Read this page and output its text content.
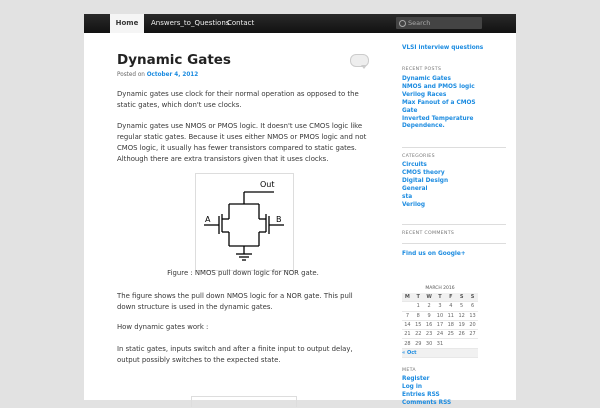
Home	Answers_to_Questions
Contact	Search
Dynamic Gates
Posted on October 4, 2012
Dynamic gates use clock for their normal operation as opposed to the static gates, which don't use clocks.
Dynamic gates use NMOS or PMOS logic. It doesn't use CMOS logic like regular static gates. Because it uses either NMOS or PMOS logic and not CMOS logic, it usually has fewer transistors compared to static gates. Although there are extra transistors given that it uses clocks.
Out
A	B
Figure : NMOS pull down logic for NOR gate.
The figure shows the pull down NMOS logic for a NOR gate. This pull down structure is used in the dynamic gates.
How dynamic gates work :
In static gates, inputs switch and after a finite input to output delay, output possibly switches to the expected state.
VLSI interview questions
RECENT POSTS
Dynamic Gates
NMOS and PMOS logic
Verilog Races
Max Fanout of a CMOS Gate
Inverted Temperature Dependence.
CATEGORIES
Circuits
CMOS theory
Digital Design
General
sta
Verilog
RECENT COMMENTS
Find us on Google+
MARCH 2016
M	T	W	T	F	S	S
	1	2	3	4	5	6
7	8	9	10	11	12	13
14	15	16	17	18	19	20
21	22	23	24	25	26	27
28	29	30	31			
« Oct						
META
Register
Log in
Entries RSS
Comments RSS
